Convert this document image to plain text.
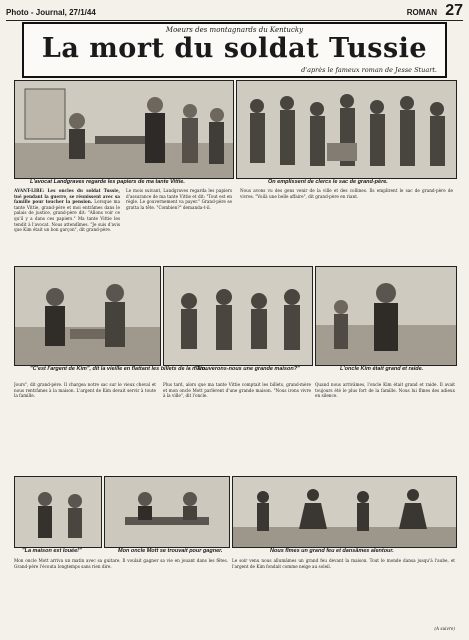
Photo - Journal, 27/1/44	ROMAN 27
Moeurs des montagnards du Kentucky
La mort du soldat Tussie
d'après le fameux roman de Jesse Stuart.
L'avocat Landgraves regarde les papiers de ma tante Vittie.	On emplissent de clercs le sac de grand-père.
AVANT-LIRE: Les oncles du soldat Tussie, tué pendant la guerre, se réunissent avec sa famille pour toucher la pension. Lorsque ma tante Vittie, grand-père et moi entrâmes dans le palais de justice, grand-père dit: "Allons voir ce qu'il y a dans ces papiers." Ma tante Vittie les tendit à l'avocat. Nous attendîmes. "Je suis d'avis que Kim était un bon garçon", dit grand-père.
Le mois suivant, Landgraves regarda les papiers d'assurance de ma tante Vittie et dit: "Tout est en règle. Le gouvernement va payer." Grand-père se gratta la tête. "Combien?" demanda-t-il.
Nous avons vu des gens venir de la ville et des collines. Ils emplirent le sac de grand-père de vivres. "Voilà une belle affaire", dit grand-père en riant.
"C'est l'argent de Kim", dit la vieille en flattant les billets de la main.
"Trouverons-nous une grande maison?"	L'oncle Kim était grand et raide.
Jours", dit grand-père. Il chargea notre sac sur le vieux cheval et nous rentrâmes à la maison. L'argent de Kim devait servir à toute la famille.
Plus tard, alors que ma tante Vittie comptait les billets, grand-mère et mon oncle Mott parlèrent d'une grande maison. "Nous irons vivre à la ville", dit l'oncle.
Quand nous arrivâmes, l'oncle Kim était grand et raide. Il avait toujours été le plus fort de la famille. Nous lui fîmes des adieux en silence.
"La maison est louée!"	Mon oncle Mott se trouvait pour gagner.	Nous fîmes un grand feu et dansâmes alentour.
Mon oncle Mott arriva un matin avec sa guitare. Il voulait gagner sa vie en jouant dans les fêtes. Grand-père l'écouta longtemps sans rien dire.
Le soir venu nous allumâmes un grand feu devant la maison. Tout le monde dansa jusqu'à l'aube, et l'argent de Kim fondait comme neige au soleil.
(A suivre)
